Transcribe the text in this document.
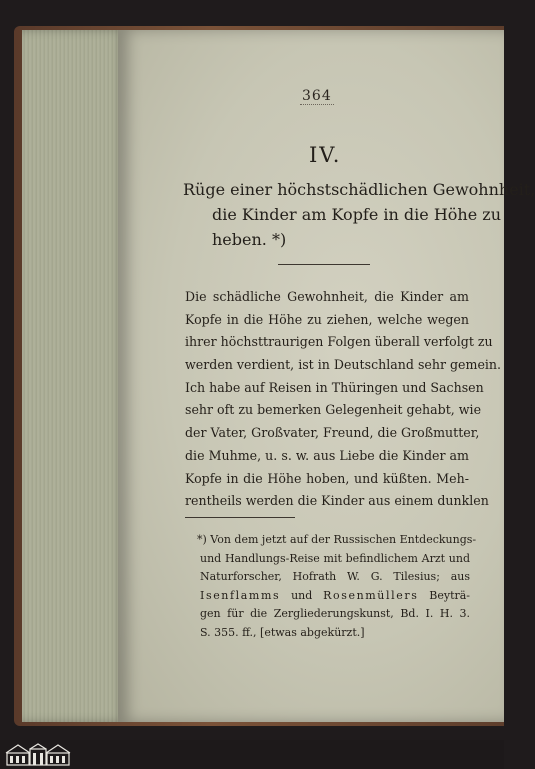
364
IV.
Rüge einer höchstschädlichen Gewohnheit,
die Kinder am Kopfe in die Höhe zu
heben. *)
Die schädliche Gewohnheit, die Kinder am
Kopfe in die Höhe zu ziehen, welche wegen
ihrer höchsttraurigen Folgen überall verfolgt zu
werden verdient, ist in Deutschland sehr gemein.
Ich habe auf Reisen in Thüringen und Sachsen
sehr oft zu bemerken Gelegenheit gehabt, wie
der Vater, Großvater, Freund, die Großmutter,
die Muhme, u. s. w. aus Liebe die Kinder am
Kopfe in die Höhe hoben, und küßten. Meh-
rentheils werden die Kinder aus einem dunklen
*) Von dem jetzt auf der Russischen Entdeckungs-
und Handlungs-Reise mit befindlichem Arzt und
Naturforscher, Hofrath W. G. Tilesius; aus
Isenflamms und Rosenmüllers Beyträ-
gen für die Zergliederungskunst, Bd. I. H. 3.
S. 355. ff., [etwas abgekürzt.]
